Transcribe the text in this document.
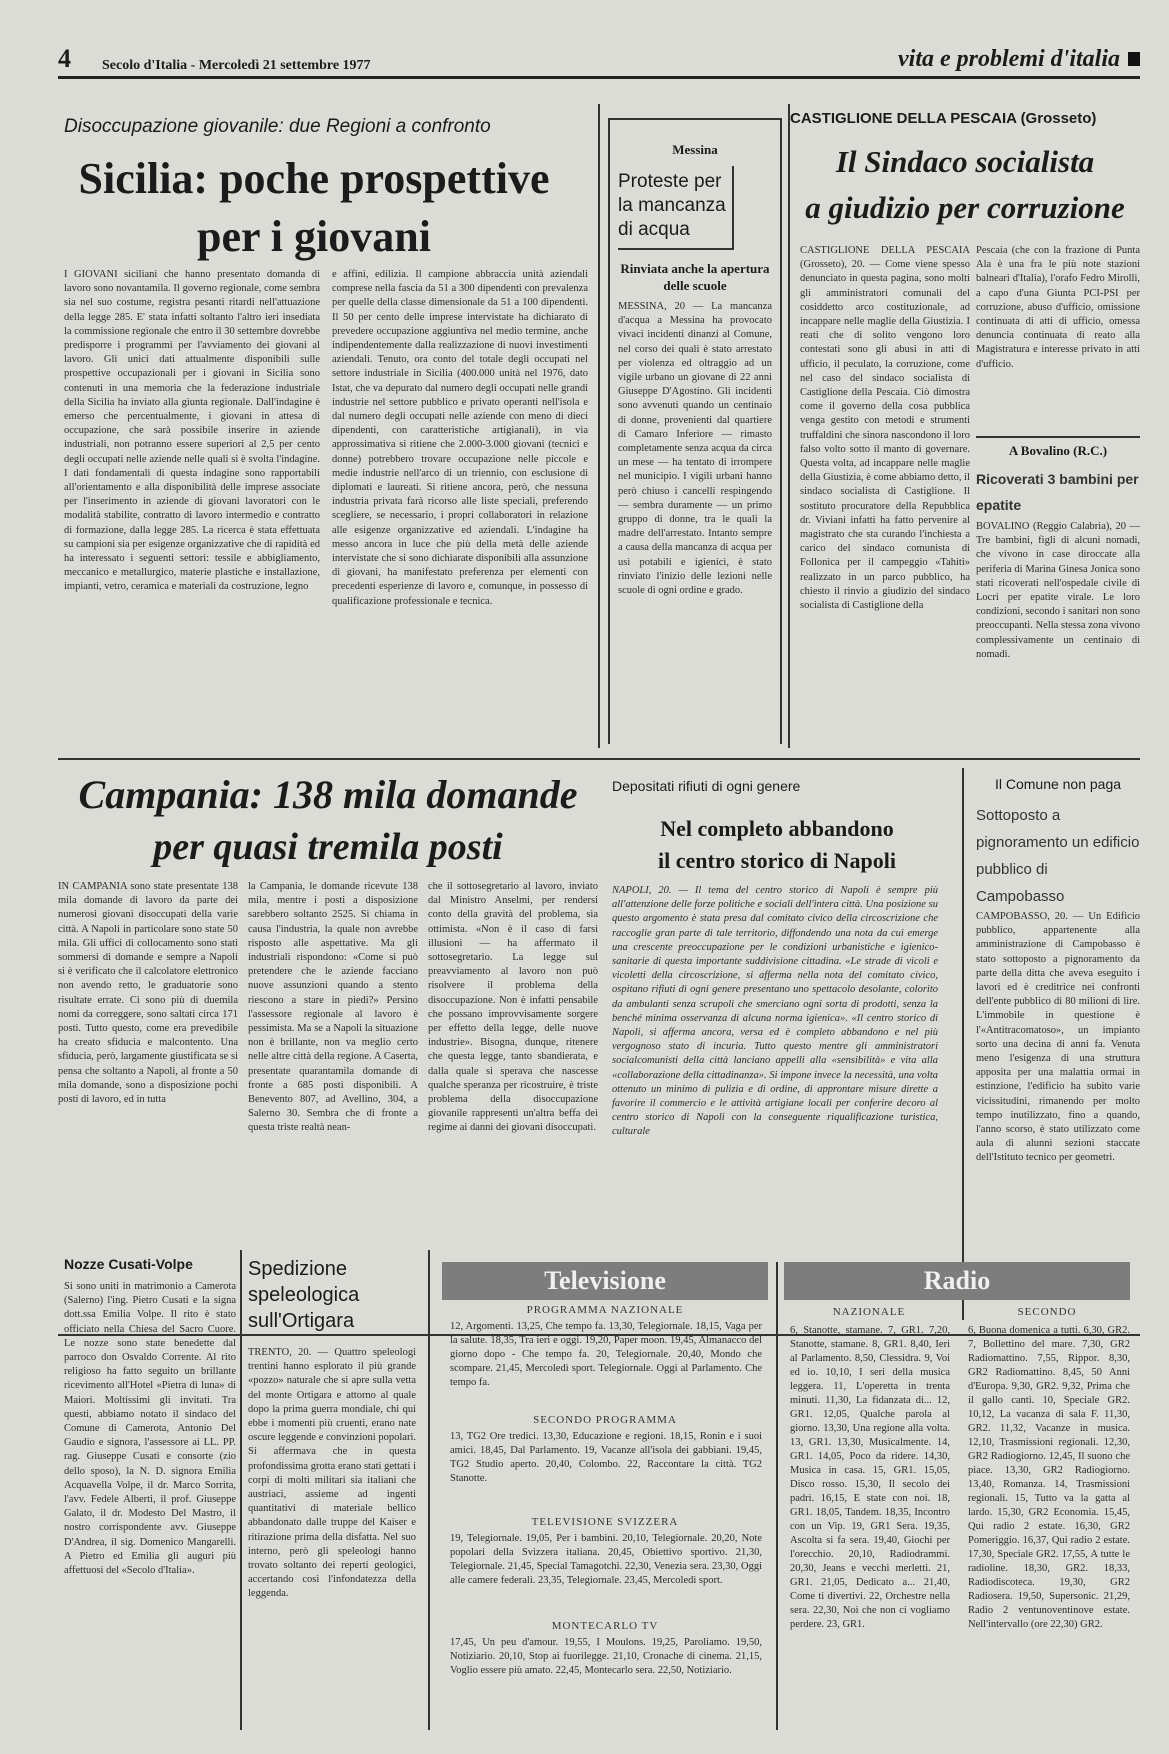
4 Secolo d'Italia - Mercoledì 21 settembre 1977	vita e problemi d'italia
Disoccupazione giovanile: due Regioni a confronto
Sicilia: poche prospettive
per i giovani
I GIOVANI siciliani che hanno presentato domanda di lavoro sono novantamila. Il governo regionale, come sembra sia nel suo costume, registra pesanti ritardi nell'attuazione della legge 285. E' stata infatti soltanto l'altro ieri insediata la commissione regionale che entro il 30 settembre dovrebbe predisporre i programmi per l'avviamento dei giovani al lavoro. Gli unici dati attualmente disponibili sulle prospettive occupazionali per i giovani in Sicilia sono contenuti in una memoria che la federazione industriale della Sicilia ha inviato alla giunta regionale. Dall'indagine è emerso che percentualmente, i giovani in attesa di occupazione, che sarà possibile inserire in aziende industriali, non potranno essere superiori al 2,5 per cento degli occupati nelle aziende nelle quali si è svolta l'indagine. I dati fondamentali di questa indagine sono rapportabili all'orientamento e alla disponibilità delle imprese associate per l'inserimento in aziende di giovani lavoratori con le modalità stabilite, contratto di lavoro intermedio e contratto di formazione, dalla legge 285. La ricerca è stata effettuata su campioni sia per esigenze organizzative che di rapidità ed ha interessato i seguenti settori: tessile e abbigliamento, meccanico e metallurgico, materie plastiche e installazione, impianti, vetro, ceramica e materiali da costruzione, legno
e affini, edilizia. Il campione abbraccia unità aziendali comprese nella fascia da 51 a 300 dipendenti con prevalenza per quelle della classe dimensionale da 51 a 100 dipendenti. Il 50 per cento delle imprese intervistate ha dichiarato di prevedere occupazione aggiuntiva nel medio termine, anche indipendentemente dalla realizzazione di nuovi investimenti aziendali. Tenuto, ora conto del totale degli occupati nel settore industriale in Sicilia (400.000 unità nel 1976, dato Istat, che va depurato dal numero degli occupati nelle grandi industrie nel settore pubblico e privato operanti nell'isola e dal numero degli occupati nelle aziende con meno di dieci dipendenti, con caratteristiche artigianali), in via approssimativa si ritiene che 2.000-3.000 giovani (tecnici e donne) potrebbero trovare occupazione nelle piccole e medie industrie nell'arco di un triennio, con esclusione di diplomati e laureati. Si ritiene ancora, però, che nessuna industria privata farà ricorso alle liste speciali, preferendo scegliere, se necessario, i propri collaboratori in relazione alle esigenze organizzative ed aziendali. L'indagine ha messo ancora in luce che più della metà delle aziende intervistate che si sono dichiarate disponibili alla assunzione di giovani, ha manifestato preferenza per elementi con precedenti esperienze di lavoro e, comunque, in possesso di qualificazione professionale e tecnica.
Messina
Proteste per la mancanza di acqua
Rinviata anche la apertura delle scuole
MESSINA, 20 — La mancanza d'acqua a Messina ha provocato vivaci incidenti dinanzi al Comune, nel corso dei quali è stato arrestato per violenza ed oltraggio ad un vigile urbano un giovane di 22 anni Giuseppe D'Agostino. Gli incidenti sono avvenuti quando un centinaio di donne, provenienti dal quartiere di Camaro Inferiore — rimasto completamente senza acqua da circa un mese — ha tentato di irrompere nel municipio. I vigili urbani hanno però chiuso i cancelli respingendo — sembra duramente — un primo gruppo di donne, tra le quali la madre dell'arrestato. Intanto sempre a causa della mancanza di acqua per usi potabili e igienici, è stato rinviato l'inizio delle lezioni nelle scuole di ogni ordine e grado.
CASTIGLIONE DELLA PESCAIA (Grosseto)
Il Sindaco socialista
a giudizio per corruzione
CASTIGLIONE DELLA PESCAIA (Grosseto), 20. — Come viene spesso denunciato in questa pagina, sono molti gli amministratori comunali del cosiddetto arco costituzionale, ad incappare nelle maglie della Giustizia. I reati che di solito vengono loro contestati sono gli abusi in atti di ufficio, il peculato, la corruzione, come nel caso del sindaco socialista di Castiglione della Pescaia. Ciò dimostra come il governo della cosa pubblica venga gestito con metodi e strumenti truffaldini che sinora nascondono il loro falso volto sotto il manto di governare. Questa volta, ad incappare nelle maglie della Giustizia, è come abbiamo detto, il sindaco socialista di Castiglione. Il sostituto procuratore della Repubblica dr. Viviani infatti ha fatto pervenire al magistrato che sta curando l'inchiesta a carico del sindaco comunista di Follonica per il campeggio «Tahiti» realizzato in un parco pubblico, ha chiesto il rinvio a giudizio del sindaco socialista di Castiglione della
Pescaia (che con la frazione di Punta Ala è una fra le più note stazioni balneari d'Italia), l'orafo Fedro Mirolli, a capo d'una Giunta PCI-PSI per corruzione, abuso d'ufficio, omissione continuata di atti di ufficio, omessa denuncia continuata di reato alla Magistratura e interesse privato in atti d'ufficio.
A Bovalino (R.C.)
Ricoverati 3 bambini per epatite
BOVALINO (Reggio Calabria), 20 — Tre bambini, figli di alcuni nomadi, che vivono in case diroccate alla periferia di Marina Ginesa Jonica sono stati ricoverati nell'ospedale civile di Locri per epatite virale. Le loro condizioni, secondo i sanitari non sono preoccupanti. Nella stessa zona vivono complessivamente un centinaio di nomadi.
Campania: 138 mila domande
per quasi tremila posti
IN CAMPANIA sono state presentate 138 mila domande di lavoro da parte dei numerosi giovani disoccupati della varie città. A Napoli in particolare sono state 50 mila. Gli uffici di collocamento sono stati sommersi di domande e sempre a Napoli si è verificato che il calcolatore elettronico non avendo retto, le graduatorie sono risultate errate. Ci sono più di duemila nomi da correggere, sono saltati circa 171 posti. Tutto questo, come era prevedibile ha creato sfiducia e malcontento. Una sfiducia, però, largamente giustificata se si pensa che soltanto a Napoli, al fronte a 50 mila domande, sono a disposizione pochi posti di lavoro, ed in tutta
la Campania, le domande ricevute 138 mila, mentre i posti a disposizione sarebbero soltanto 2525. Si chiama in causa l'industria, la quale non avrebbe risposto alle aspettative. Ma gli industriali rispondono: «Come si può pretendere che le aziende facciano nuove assunzioni quando a stento riescono a stare in piedi?» Persino l'assessore regionale al lavoro è pessimista. Ma se a Napoli la situazione non è brillante, non va meglio certo nelle altre città della regione. A Caserta, presentate quarantamila domande di fronte a 685 posti disponibili. A Benevento 807, ad Avellino, 304, a Salerno 30. Sembra che di fronte a questa triste realtà nean-
che il sottosegretario al lavoro, inviato dal Ministro Anselmi, per rendersi conto della gravità del problema, sia ottimista. «Non è il caso di farsi illusioni — ha affermato il sottosegretario. La legge sul preavviamento al lavoro non può risolvere il problema della disoccupazione. Non è infatti pensabile che possano improvvisamente sorgere per effetto della legge, delle nuove industrie». Bisogna, dunque, ritenere che questa legge, tanto sbandierata, e dalla quale si sperava che nascesse qualche speranza per ricostruire, è triste problema della disoccupazione giovanile rappresenti un'altra beffa dei regime ai danni dei giovani disoccupati.
Depositati rifiuti di ogni genere
Nel completo abbandono
il centro storico di Napoli
NAPOLI, 20. — Il tema del centro storico di Napoli è sempre più all'attenzione delle forze politiche e sociali dell'intera città. Una posizione su questo argomento è stata presa dal comitato civico della circoscrizione che raccoglie gran parte di tale territorio, diffondendo una nota da cui emerge una crescente preoccupazione per le condizioni urbanistiche e igienico-sanitarie di questa importante suddivisione cittadina. «Le strade di vicoli e vicoletti della circoscrizione, si afferma nella nota del comitato civico, ospitano rifiuti di ogni genere presentano uno spettacolo desolante, colorito da ambulanti senza scrupoli che smerciano ogni sorta di prodotti, senza la benché minima osservanza di alcuna norma igienica». «Il centro storico di Napoli, si afferma ancora, versa ed è completo abbandono e nel più vergognoso stato di incuria. Tutto questo mentre gli amministratori socialcomunisti della città lanciano appelli alla «sensibilità» e vita alla «collaborazione della cittadinanza». Si impone invece la necessità, una volta ottenuto un minimo di pulizia e di ordine, di approntare misure dirette a favorire il commercio e le attività artigiane locali per conferire decoro al centro storico di Napoli con la conseguente riqualificazione turistica, culturale
Il Comune non paga
Sottoposto a pignoramento un edificio pubblico di Campobasso
CAMPOBASSO, 20. — Un Edificio pubblico, appartenente alla amministrazione di Campobasso è stato sottoposto a pignoramento da parte della ditta che aveva eseguito i lavori ed è creditrice nei confronti dell'ente pubblico di 80 milioni di lire. L'immobile in questione è l'«Antitracomatoso», un impianto sorto una decina di anni fa. Venuta meno l'esigenza di una struttura apposita per una malattia ormai in estinzione, l'edificio ha subito varie vicissitudini, rimanendo per molto tempo inutilizzato, fino a quando, l'anno scorso, è stato utilizzato come aula di alunni sezioni staccate dell'Istituto tecnico per geometri.
Nozze Cusati-Volpe
Si sono uniti in matrimonio a Camerota (Salerno) l'ing. Pietro Cusati e la signa dott.ssa Emilia Volpe. Il rito è stato officiato nella Chiesa del Sacro Cuore. Le nozze sono state benedette dal parroco don Osvaldo Corrente. Al rito religioso ha fatto seguito un brillante ricevimento all'Hotel «Pietra di luna» di Maiori. Moltissimi gli invitati. Tra questi, abbiamo notato il sindaco del Comune di Camerota, Antonio Del Gaudio e signora, l'assessore ai LL. PP. rag. Giuseppe Cusati e consorte (zio dello sposo), la N. D. signora Emilia Acquavella Volpe, il dr. Marco Sorrita, l'avv. Fedele Alberti, il prof. Giuseppe Galato, il dr. Modesto Del Mastro, il nostro corrispondente avv. Giuseppe D'Andrea, il sig. Domenico Mangarelli. A Pietro ed Emilia gli auguri più affettuosi del «Secolo d'Italia».
Spedizione speleologica sull'Ortigara
TRENTO, 20. — Quattro speleologi trentini hanno esplorato il più grande «pozzo» naturale che si apre sulla vetta del monte Ortigara e attorno al quale dopo la prima guerra mondiale, chi qui ebbe i momenti più cruenti, erano nate oscure leggende e convinzioni popolari. Si affermava che in questa profondissima grotta erano stati gettati i corpi di molti militari sia italiani che austriaci, assieme ad ingenti quantitativi di materiale bellico abbandonato dalle truppe del Kaiser e ritirazione prima della disfatta. Nel suo interno, però gli speleologi hanno trovato soltanto dei reperti geologici, accertando così l'infondatezza della leggenda.
Televisione
PROGRAMMA NAZIONALE
12, Argomenti. 13,25, Che tempo fa. 13,30, Telegiornale. 18,15, Vaga per la salute. 18,35, Tra ieri e oggi. 19,20, Paper moon. 19,45, Almanacco del giorno dopo - Che tempo fa. 20, Telegiornale. 20,40, Mondo che scompare. 21,45, Mercoledì sport. Telegiornale. Oggi al Parlamento. Che tempo fa.
SECONDO PROGRAMMA
13, TG2 Ore tredici. 13,30, Educazione e regioni. 18,15, Ronin e i suoi amici. 18,45, Dal Parlamento. 19, Vacanze all'isola dei gabbiani. 19,45, TG2 Studio aperto. 20,40, Colombo. 22, Raccontare la città. TG2 Stanotte.
TELEVISIONE SVIZZERA
19, Telegiornale. 19,05, Per i bambini. 20,10, Telegiornale. 20,20, Note popolari della Svizzera italiana. 20,45, Obiettivo sportivo. 21,30, Telegiornale. 21,45, Special Tamagotchi. 22,30, Venezia sera. 23,30, Oggi alle camere federali. 23,35, Telegiornale. 23,45, Mercoledì sport.
MONTECARLO TV
17,45, Un peu d'amour. 19,55, I Moulons. 19,25, Paroliamo. 19,50, Notiziario. 20,10, Stop ai fuorilegge. 21,10, Cronache di cinema. 21,15, Voglio essere più amato. 22,45, Montecarlo sera. 22,50, Notiziario.
Radio
NAZIONALE	SECONDO
6, Stanotte, stamane. 7, GR1. 7,20, Stanotte, stamane. 8, GR1. 8,40, Ieri al Parlamento. 8,50, Clessidra. 9, Voi ed io. 10,10, I seri della musica leggera. 11, L'operetta in trenta minuti. 11,30, La fidanzata di... 12, GR1. 12,05, Qualche parola al giorno. 13,30, Una regione alla volta. 13, GR1. 13,30, Musicalmente. 14, GR1. 14,05, Poco da ridere. 14,30, Musica in casa. 15, GR1. 15,05, Disco rosso. 15,30, Il secolo dei padri. 16,15, E state con noi. 18, GR1. 18,05, Tandem. 18,35, Incontro con un Vip. 19, GR1 Sera. 19,35, Ascolta si fa sera. 19,40, Giochi per l'orecchio. 20,10, Radiodrammi. 20,30, Jeans e vecchi merletti. 21, GR1. 21,05, Dedicato a... 21,40, Come ti divertivi. 22, Orchestre nella sera. 22,30, Noi che non ci vogliamo perdere. 23, GR1.
6, Buona domenica a tutti. 6,30, GR2. 7, Bollettino del mare. 7,30, GR2 Radiomattino. 7,55, Rippor. 8,30, GR2 Radiomattino. 8,45, 50 Anni d'Europa. 9,30, GR2. 9,32, Prima che il gallo canti. 10, Speciale GR2. 10,12, La vacanza di sala F. 11,30, GR2. 11,32, Vacanze in musica. 12,10, Trasmissioni regionali. 12,30, GR2 Radiogiorno. 12,45, Il suono che piace. 13,30, GR2 Radiogiorno. 13,40, Romanza. 14, Trasmissioni regionali. 15, Tutto va la gatta al lardo. 15,30, GR2 Economia. 15,45, Qui radio 2 estate. 16,30, GR2 Pomeriggio. 16,37, Qui radio 2 estate. 17,30, Speciale GR2. 17,55, A tutte le radioline. 18,30, GR2. 18,33, Radiodiscoteca. 19,30, GR2 Radiosera. 19,50, Supersonic. 21,29, Radio 2 ventunoventinove estate. Nell'intervallo (ore 22,30) GR2.
